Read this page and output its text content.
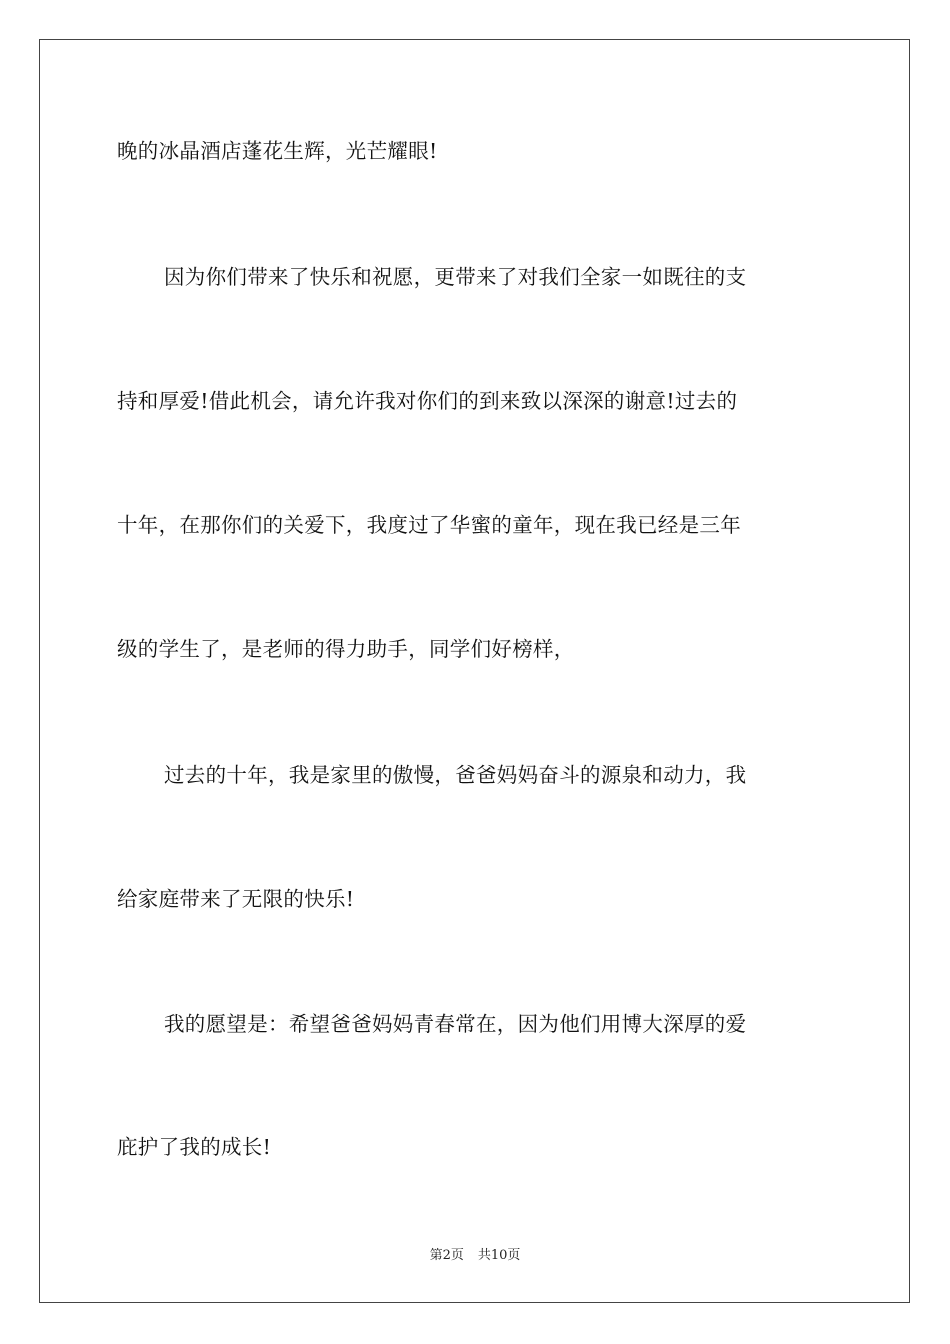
晚的冰晶酒店蓬花生辉，光芒耀眼!
因为你们带来了快乐和祝愿，更带来了对我们全家一如既往的支
持和厚爱!借此机会，请允许我对你们的到来致以深深的谢意!过去的
十年，在那你们的关爱下，我度过了华蜜的童年，现在我已经是三年
级的学生了，是老师的得力助手，同学们好榜样，
过去的十年，我是家里的傲慢，爸爸妈妈奋斗的源泉和动力，我
给家庭带来了无限的快乐!
我的愿望是：希望爸爸妈妈青春常在，因为他们用博大深厚的爱
庇护了我的成长!
第2页 共10页
